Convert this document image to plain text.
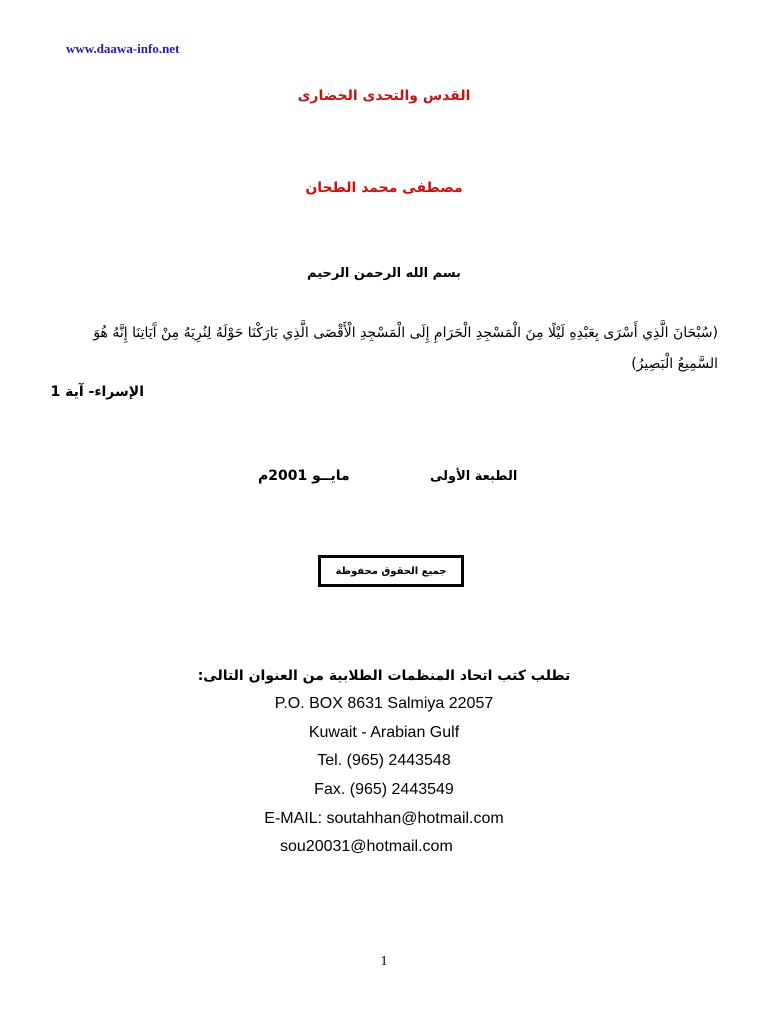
www.daawa-info.net
القدس والتحدى الحضارى
مصطفى محمد الطحان
بسم الله الرحمن الرحيم
(سُبْحَانَ الَّذِي أَسْرَى بِعَبْدِهِ لَيْلًا مِنَ الْمَسْجِدِ الْحَرَامِ إِلَى الْمَسْجِدِ الْأَقْصَى الَّذِي بَارَكْنَا حَوْلَهُ لِنُرِيَهُ مِنْ آَيَاتِنَا إِنَّهُ هُوَ السَّمِيعُ الْبَصِيرُ)
الإسراء- آية 1
الطبعة الأولى
مايــو 2001م
جميع الحقوق محفوظة
تطلب كتب اتحاد المنظمات الطلابية من العنوان التالى:
P.O. BOX 8631 Salmiya 22057
Kuwait - Arabian Gulf
Tel. (965) 2443548
Fax. (965) 2443549
E-MAIL: soutahhan@hotmail.com
sou20031@hotmail.com
1
